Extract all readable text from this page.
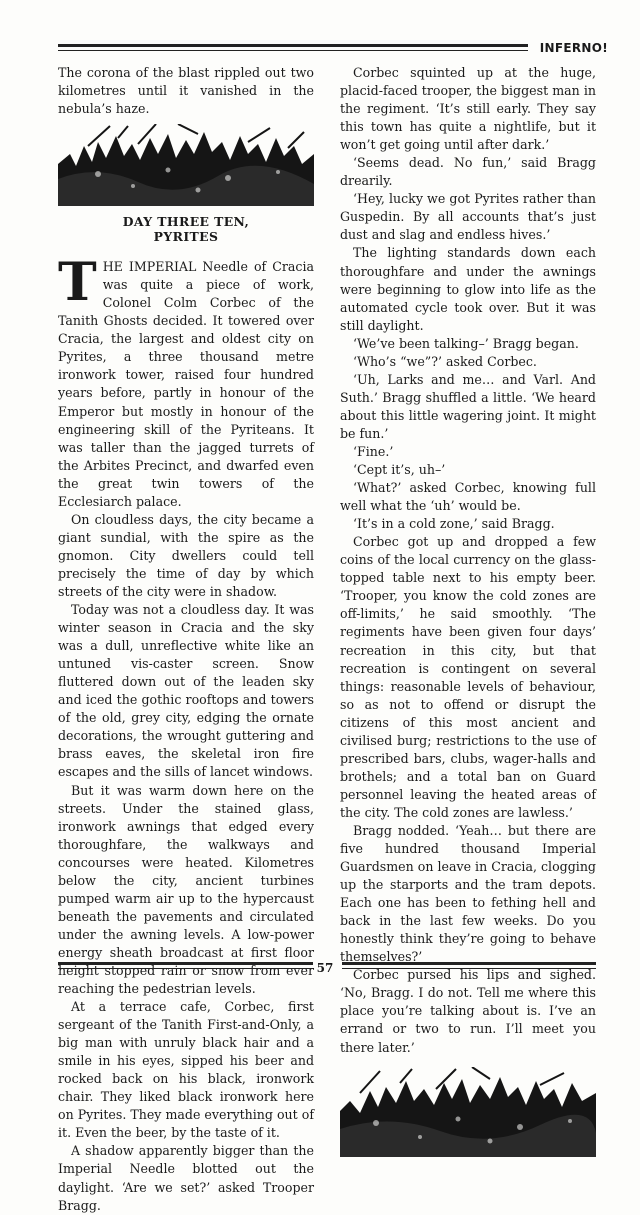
INFERNO!

The corona of the blast rippled out two kilometres until it vanished in the nebula’s haze.

DAY THREE TEN,
PYRITES

THE IMPERIAL Needle of Cracia was quite a piece of work, Colonel Colm Corbec of the Tanith Ghosts decided. It towered over Cracia, the largest and oldest city on Pyrites, a three thousand metre ironwork tower, raised four hundred years before, partly in honour of the Emperor but mostly in honour of the engineering skill of the Pyriteans. It was taller than the jagged turrets of the Arbites Precinct, and dwarfed even the great twin towers of the Ecclesiarch palace.

On cloudless days, the city became a giant sundial, with the spire as the gnomon. City dwellers could tell precisely the time of day by which streets of the city were in shadow.

Today was not a cloudless day. It was winter season in Cracia and the sky was a dull, unreflective white like an untuned vis-caster screen. Snow fluttered down out of the leaden sky and iced the gothic rooftops and towers of the old, grey city, edging the ornate decorations, the wrought guttering and brass eaves, the skeletal iron fire escapes and the sills of lancet windows.

But it was warm down here on the streets. Under the stained glass, ironwork awnings that edged every thoroughfare, the walkways and concourses were heated. Kilometres below the city, ancient turbines pumped warm air up to the hypercaust beneath the pavements and circulated under the awning levels. A low-power energy sheath broadcast at first floor height stopped rain or snow from ever reaching the pedestrian levels.

At a terrace cafe, Corbec, first sergeant of the Tanith First-and-Only, a big man with unruly black hair and a smile in his eyes, sipped his beer and rocked back on his black, ironwork chair. They liked black ironwork here on Pyrites. They made everything out of it. Even the beer, by the taste of it.

A shadow apparently bigger than the Imperial Needle blotted out the daylight. ‘Are we set?’ asked Trooper Bragg.

Corbec squinted up at the huge, placid-faced trooper, the biggest man in the regiment. ‘It’s still early. They say this town has quite a nightlife, but it won’t get going until after dark.’

‘Seems dead. No fun,’ said Bragg drearily.

‘Hey, lucky we got Pyrites rather than Guspedin. By all accounts that’s just dust and slag and endless hives.’

The lighting standards down each thoroughfare and under the awnings were beginning to glow into life as the automated cycle took over. But it was still daylight.

‘We’ve been talking–’ Bragg began.

‘Who’s “we”?’ asked Corbec.

‘Uh, Larks and me… and Varl. And Suth.’ Bragg shuffled a little. ‘We heard about this little wagering joint. It might be fun.’

‘Fine.’

‘Cept it’s, uh–’

‘What?’ asked Corbec, knowing full well what the ‘uh’ would be.

‘It’s in a cold zone,’ said Bragg.

Corbec got up and dropped a few coins of the local currency on the glass-topped table next to his empty beer. ‘Trooper, you know the cold zones are off-limits,’ he said smoothly. ‘The regiments have been given four days’ recreation in this city, but that recreation is contingent on several things: reasonable levels of behaviour, so as not to offend or disrupt the citizens of this most ancient and civilised burg; restrictions to the use of prescribed bars, clubs, wager-halls and brothels; and a total ban on Guard personnel leaving the heated areas of the city. The cold zones are lawless.’

Bragg nodded. ‘Yeah… but there are five hundred thousand Imperial Guardsmen on leave in Cracia, clogging up the starports and the tram depots. Each one has been to fething hell and back in the last few weeks. Do you honestly think they’re going to behave themselves?’

Corbec pursed his lips and sighed. ‘No, Bragg. I do not. Tell me where this place you’re talking about is. I’ve an errand or two to run. I’ll meet you there later.’

57
